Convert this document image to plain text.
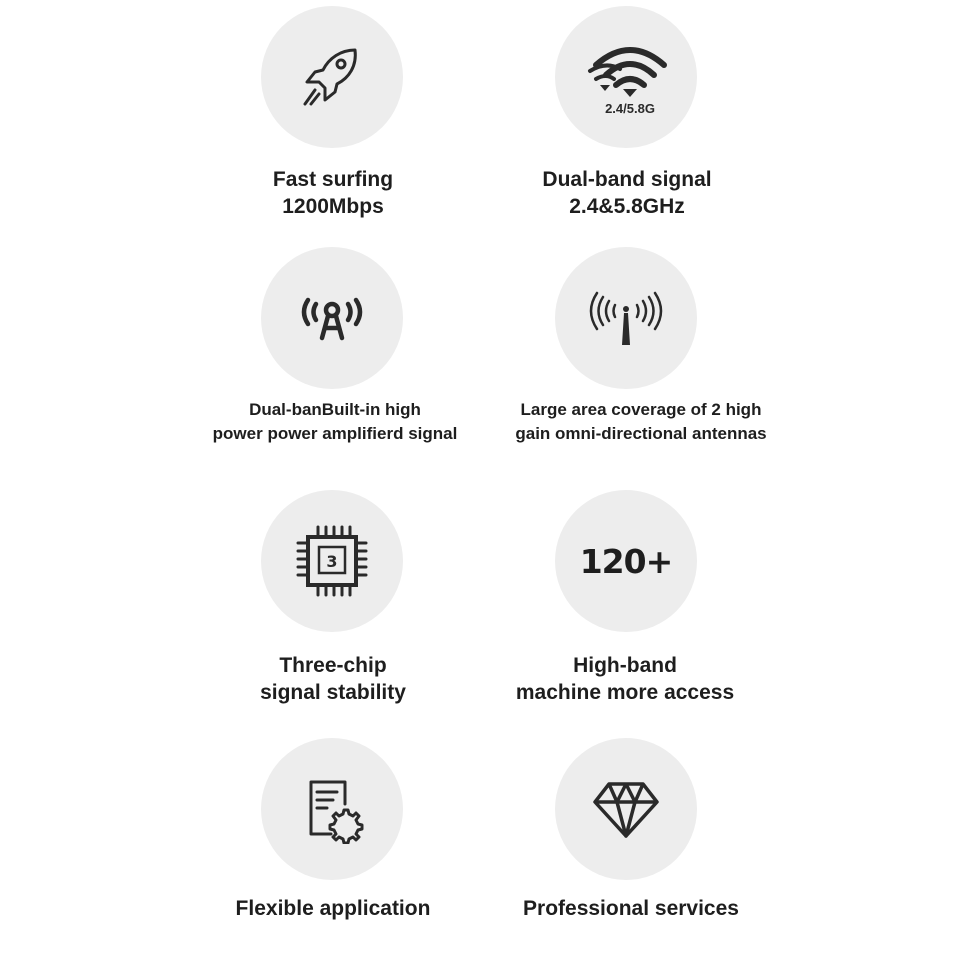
Fast surfing
1200Mbps
2.4/5.8G
Dual-band signal
2.4&5.8GHz
Dual-banBuilt-in high
power power amplifierd signal
Large area coverage of 2 high
gain omni-directional antennas
3
Three-chip
signal stability
120+
High-band
machine more access
Flexible application	Professional services
